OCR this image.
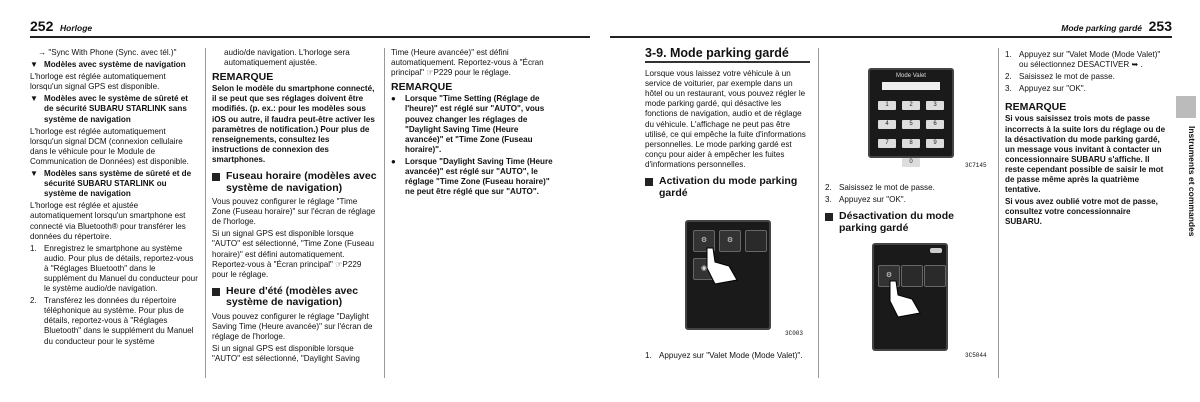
252 Horloge

→ "Sync With Phone (Sync. avec tél.)"

▼ Modèles avec système de navigation

L'horloge est réglée automatiquement lorsqu'un signal GPS est disponible.

▼ Modèles avec le système de sûreté et de sécurité SUBARU STARLINK sans système de navigation

L'horloge est réglée automatiquement lorsqu'un signal DCM (connexion cellulaire dans le véhicule pour le Module de Communication de Données) est disponible.

▼ Modèles sans système de sûreté et de sécurité SUBARU STARLINK ou système de navigation

L'horloge est réglée et ajustée automatiquement lorsqu'un smartphone est connecté via Bluetooth® pour transférer les données du répertoire.

1. Enregistrez le smartphone au système audio. Pour plus de détails, reportez-vous à "Réglages Bluetooth" dans le supplément du Manuel du conducteur pour le système audio/de navigation.
2. Transférez les données du répertoire téléphonique au système. Pour plus de détails, reportez-vous à "Réglages Bluetooth" dans le supplément du Manuel du conducteur pour le système

audio/de navigation. L'horloge sera automatiquement ajustée.

REMARQUE

Selon le modèle du smartphone connecté, il se peut que ses réglages doivent être modifiés. (p. ex.: pour les modèles sous iOS ou autre, il faudra peut-être activer les paramètres de notification.) Pour plus de renseignements, consultez les instructions de connexion des smartphones.

Fuseau horaire (modèles avec système de navigation)

Vous pouvez configurer le réglage "Time Zone (Fuseau horaire)" sur l'écran de réglage de l'horloge.

Si un signal GPS est disponible lorsque "AUTO" est sélectionné, "Time Zone (Fuseau horaire)" est défini automatiquement. Reportez-vous à "Écran principal" ☞P229 pour le réglage.

Heure d'été (modèles avec système de navigation)

Vous pouvez configurer le réglage "Daylight Saving Time (Heure avancée)" sur l'écran de réglage de l'horloge.

Si un signal GPS est disponible lorsque "AUTO" est sélectionné, "Daylight Saving

Time (Heure avancée)" est défini automatiquement. Reportez-vous à "Écran principal" ☞P229 pour le réglage.

REMARQUE
●	Lorsque "Time Setting (Réglage de l'heure)" est réglé sur "AUTO", vous pouvez changer les réglages de "Daylight Saving Time (Heure avancée)" et "Time Zone (Fuseau horaire)".
●	Lorsque "Daylight Saving Time (Heure avancée)" est réglé sur "AUTO", le réglage "Time Zone (Fuseau horaire)" ne peut être réglé que sur "AUTO".
Mode parking gardé 253
3-9. Mode parking gardé

Lorsque vous laissez votre véhicule à un service de voiturier, par exemple dans un hôtel ou un restaurant, vous pouvez régler le mode parking gardé, qui désactive les fonctions de navigation, audio et de réglage du véhicule. L'affichage ne peut pas être utilisé, ce qui empêche la fuite d'informations personnelles. Le mode parking gardé est conçu pour aider à empêcher les fuites d'informations personnelles.

Activation du mode parking gardé
⚙	⚙
◉
3C003
1. Appuyez sur "Valet Mode (Mode Valet)".
Mode Valet
1	2	3
4	5	6
7	8	9
0	3C7145
2. Saisissez le mot de passe.
3. Appuyez sur "OK".
Désactivation du mode parking gardé
⚙
3C5044
1. Appuyez sur "Valet Mode (Mode Valet)" ou sélectionnez DESACTIVER ➥ .
2. Saisissez le mot de passe.
3. Appuyez sur "OK".
REMARQUE

Si vous saisissez trois mots de passe incorrects à la suite lors du réglage ou de la désactivation du mode parking gardé, un message vous invitant à contacter un concessionnaire SUBARU s'affiche. Il reste cependant possible de saisir le mot de passe même après la quatrième tentative.

Si vous avez oublié votre mot de passe, consultez votre concessionnaire SUBARU.	Instruments et commandes
